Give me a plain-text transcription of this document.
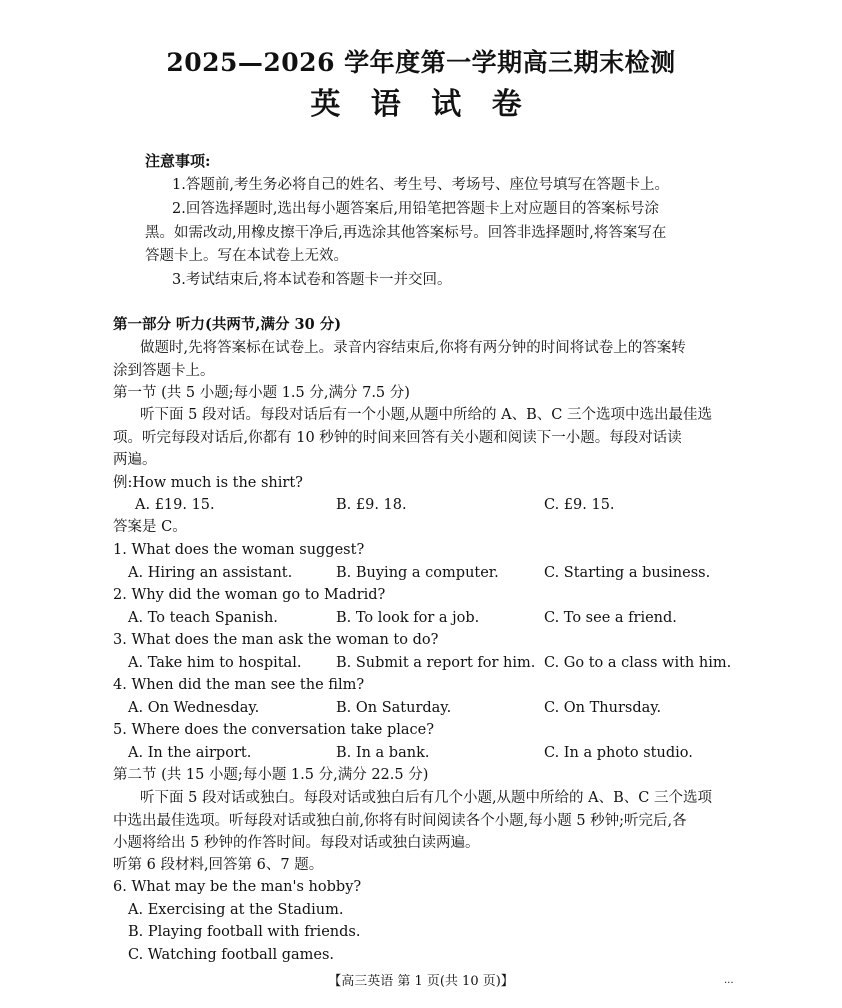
2025—2026 学年度第一学期高三期末检测
英 语 试 卷
注意事项:
1.答题前,考生务必将自己的姓名、考生号、考场号、座位号填写在答题卡上。
2.回答选择题时,选出每小题答案后,用铅笔把答题卡上对应题目的答案标号涂
黑。如需改动,用橡皮擦干净后,再选涂其他答案标号。回答非选择题时,将答案写在
答题卡上。写在本试卷上无效。
3.考试结束后,将本试卷和答题卡一并交回。
第一部分 听力(共两节,满分 30 分)
做题时,先将答案标在试卷上。录音内容结束后,你将有两分钟的时间将试卷上的答案转
涂到答题卡上。
第一节 (共 5 小题;每小题 1.5 分,满分 7.5 分)
听下面 5 段对话。每段对话后有一个小题,从题中所给的 A、B、C 三个选项中选出最佳选
项。听完每段对话后,你都有 10 秒钟的时间来回答有关小题和阅读下一小题。每段对话读
两遍。
例:How much is the shirt?
A. £19. 15.	B. £9. 18.	C. £9. 15.
答案是 C。
1. What does the woman suggest?
A. Hiring an assistant.	B. Buying a computer.	C. Starting a business.
2. Why did the woman go to Madrid?
A. To teach Spanish.	B. To look for a job.	C. To see a friend.
3. What does the man ask the woman to do?
A. Take him to hospital. B. Submit a report for him. C. Go to a class with him.
4. When did the man see the film?
A. On Wednesday.	B. On Saturday.	C. On Thursday.
5. Where does the conversation take place?
A. In the airport.	B. In a bank.	C. In a photo studio.
第二节 (共 15 小题;每小题 1.5 分,满分 22.5 分)
听下面 5 段对话或独白。每段对话或独白后有几个小题,从题中所给的 A、B、C 三个选项
中选出最佳选项。听每段对话或独白前,你将有时间阅读各个小题,每小题 5 秒钟;听完后,各
小题将给出 5 秒钟的作答时间。每段对话或独白读两遍。
听第 6 段材料,回答第 6、7 题。
6. What may be the man's hobby?
A. Exercising at the Stadium.
B. Playing football with friends.
C. Watching football games.
【高三英语 第 1 页(共 10 页)】	...
